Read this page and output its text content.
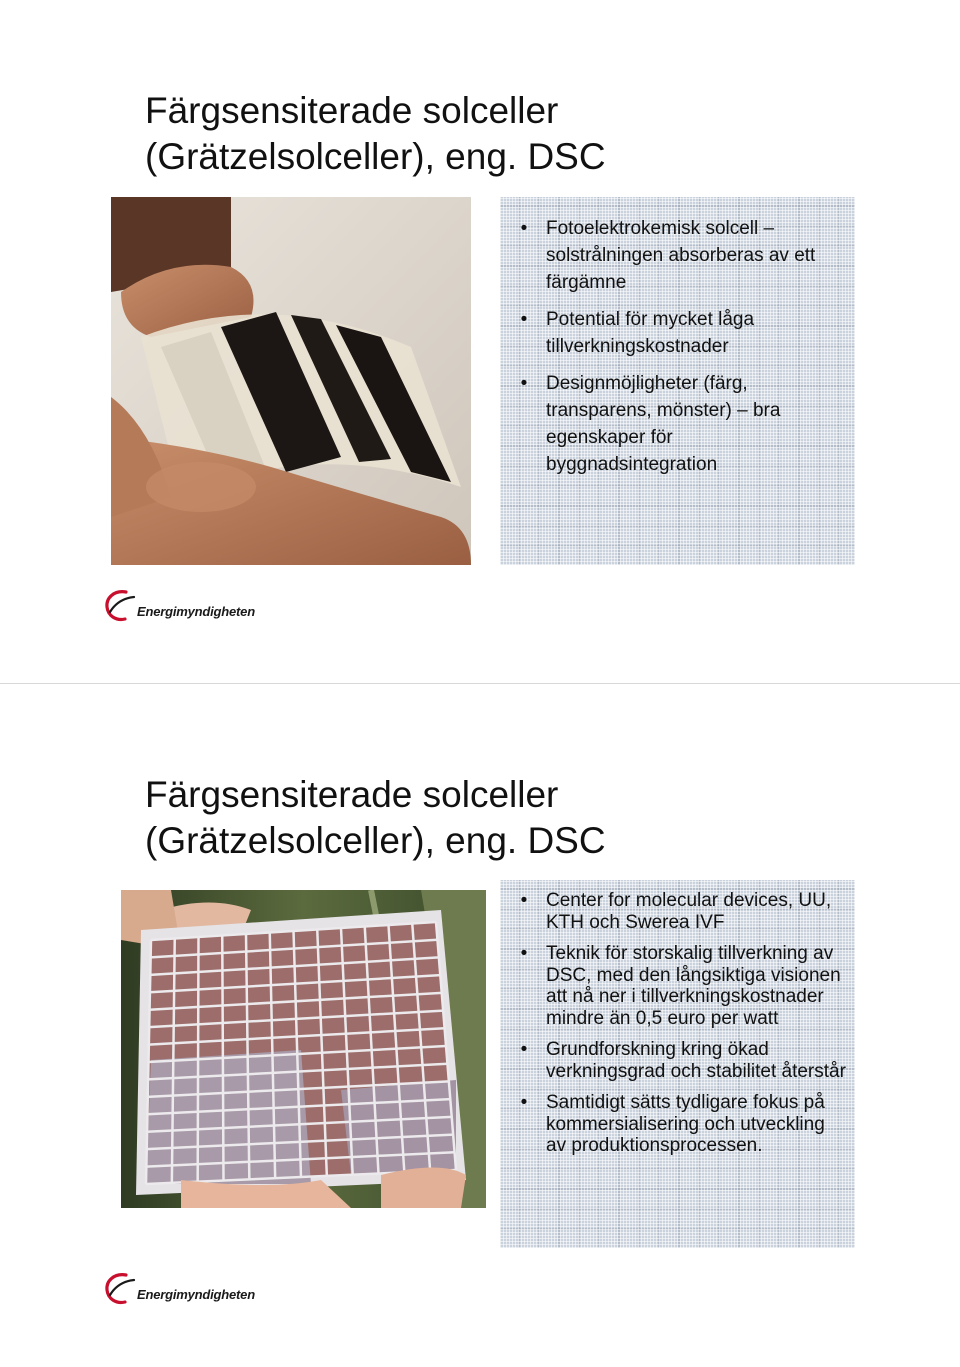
Färgsensiterade solceller
(Grätzelsolceller), eng. DSC
• Fotoelektrokemisk solcell – solstrålningen absorberas av ett färgämne
• Potential för mycket låga tillverkningskostnader
• Designmöjligheter (färg, transparens, mönster) – bra egenskaper för byggnadsintegration
Energimyndigheten
Färgsensiterade solceller
(Grätzelsolceller), eng. DSC
• Center for molecular devices, UU, KTH och Swerea IVF
• Teknik för storskalig tillverkning av DSC, med den långsiktiga visionen att nå ner i tillverkningskostnader mindre än 0,5 euro per watt
• Grundforskning kring ökad verkningsgrad och stabilitet återstår
• Samtidigt sätts tydligare fokus på kommersialisering och utveckling av produktionsprocessen.
Energimyndigheten
